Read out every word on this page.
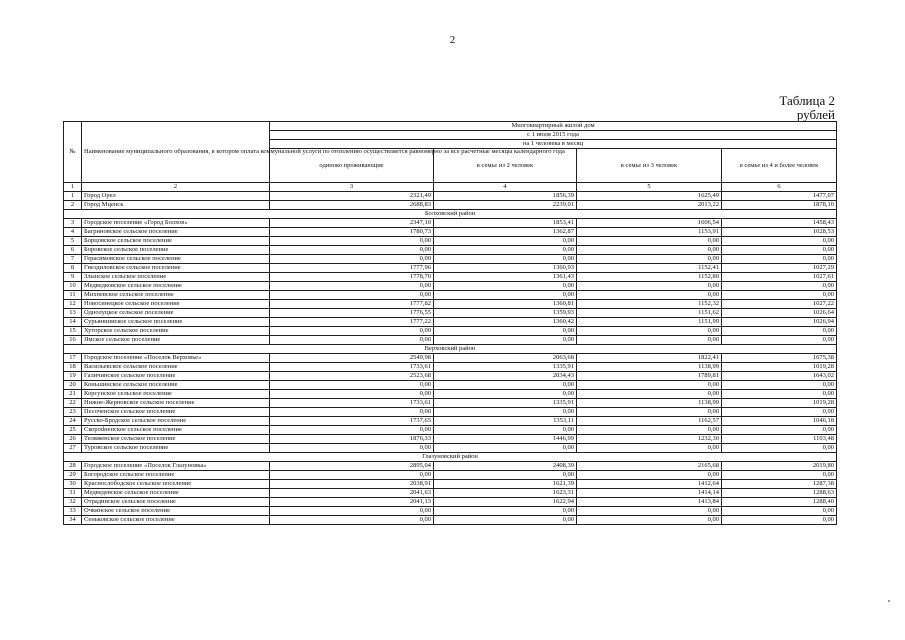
2
Таблица 2
рублей
№	Наименование муниципального образования, в котором оплата коммунальной услуги по отоплению осуществляется равномерно за все расчетные месяцы календарного года	Многоквартирный жилой дом			
		с 1 июля 2015 года			
		на 1 человека в месяц			
		одиноко проживающие	в семье из 2 человек	в семье из 3 человек	в семье из 4 и более человек
1	2	3	4	5	6
1	Город Орел	2321,49	1856,39	1625,49	1477,07
2	Город Мценск	2688,83	2239,01	2013,22	1878,10
Болховский район					
3	Городское поселение «Город Болхов»	2347,10	1853,41	1606,54	1458,43
4	Багриновское сельское поселение	1780,73	1362,87	1153,91	1028,53
5	Борцовское сельское поселение	0,00	0,00	0,00	0,00
6	Боровское сельское поселение	0,00	0,00	0,00	0,00
7	Герасимовское сельское поселение	0,00	0,00	0,00	0,00
8	Гнездиловское сельское поселение	1777,96	1360,93	1152,41	1027,29
9	Злынское сельское поселение	1778,70	1361,43	1152,80	1027,61
10	Медведковское сельское поселение	0,00	0,00	0,00	0,00
11	Михневское сельское поселение	0,00	0,00	0,00	0,00
12	Новосинецкое сельское поселение	1777,82	1360,81	1152,32	1027,22
13	Однолуцкое сельское поселение	1776,55	1359,93	1151,62	1026,64
14	Сурьяниниское сельское поселение	1777,22	1360,42	1151,99	1026,94
15	Хуторское сельское поселение	0,00	0,00	0,00	0,00
16	Ямское сельское поселение	0,00	0,00	0,00	0,00
Верховский район					
17	Городское поселение «Поселок Верховье»	2549,98	2063,68	1822,41	1675,38
18	Васильевское сельское поселение	1733,61	1335,91	1138,99	1019,28
19	Галичинское сельское поселение	2523,68	2034,43	1789,81	1643,02
20	Коньшинское сельское поселение	0,00	0,00	0,00	0,00
21	Корсунское сельское поселение	0,00	0,00	0,00	0,00
22	Нижне-Жерновское сельское поселение	1733,61	1335,91	1138,99	1019,28
23	Песоченское сельское поселение	0,00	0,00	0,00	0,00
24	Русско-Бродское сельское поселение	1737,65	1353,11	1162,57	1046,18
25	Скорodненское сельское поселение	0,00	0,00	0,00	0,00
26	Теляженское сельское поселение	1876,33	1446,99	1232,30	1103,48
27	Туровское сельское поселение	0,00	0,00	0,00	0,00
Глазуновский район					
28	Городское поселение «Поселок Глазуновка»	2895,04	2408,39	2165,68	2019,80
29	Богородское сельское поселение	0,00	0,00	0,00	0,00
30	Краснослободское сельское поселение	2038,91	1621,39	1412,64	1287,38
31	Медведевское сельское поселение	2041,63	1623,31	1414,14	1288,63
32	Отрадинское сельское поселение	2041,13	1622,94	1413,84	1288,40
33	Очкинское сельское поселение	0,00	0,00	0,00	0,00
34	Сеньковское сельское поселение	0,00	0,00	0,00	0,00
